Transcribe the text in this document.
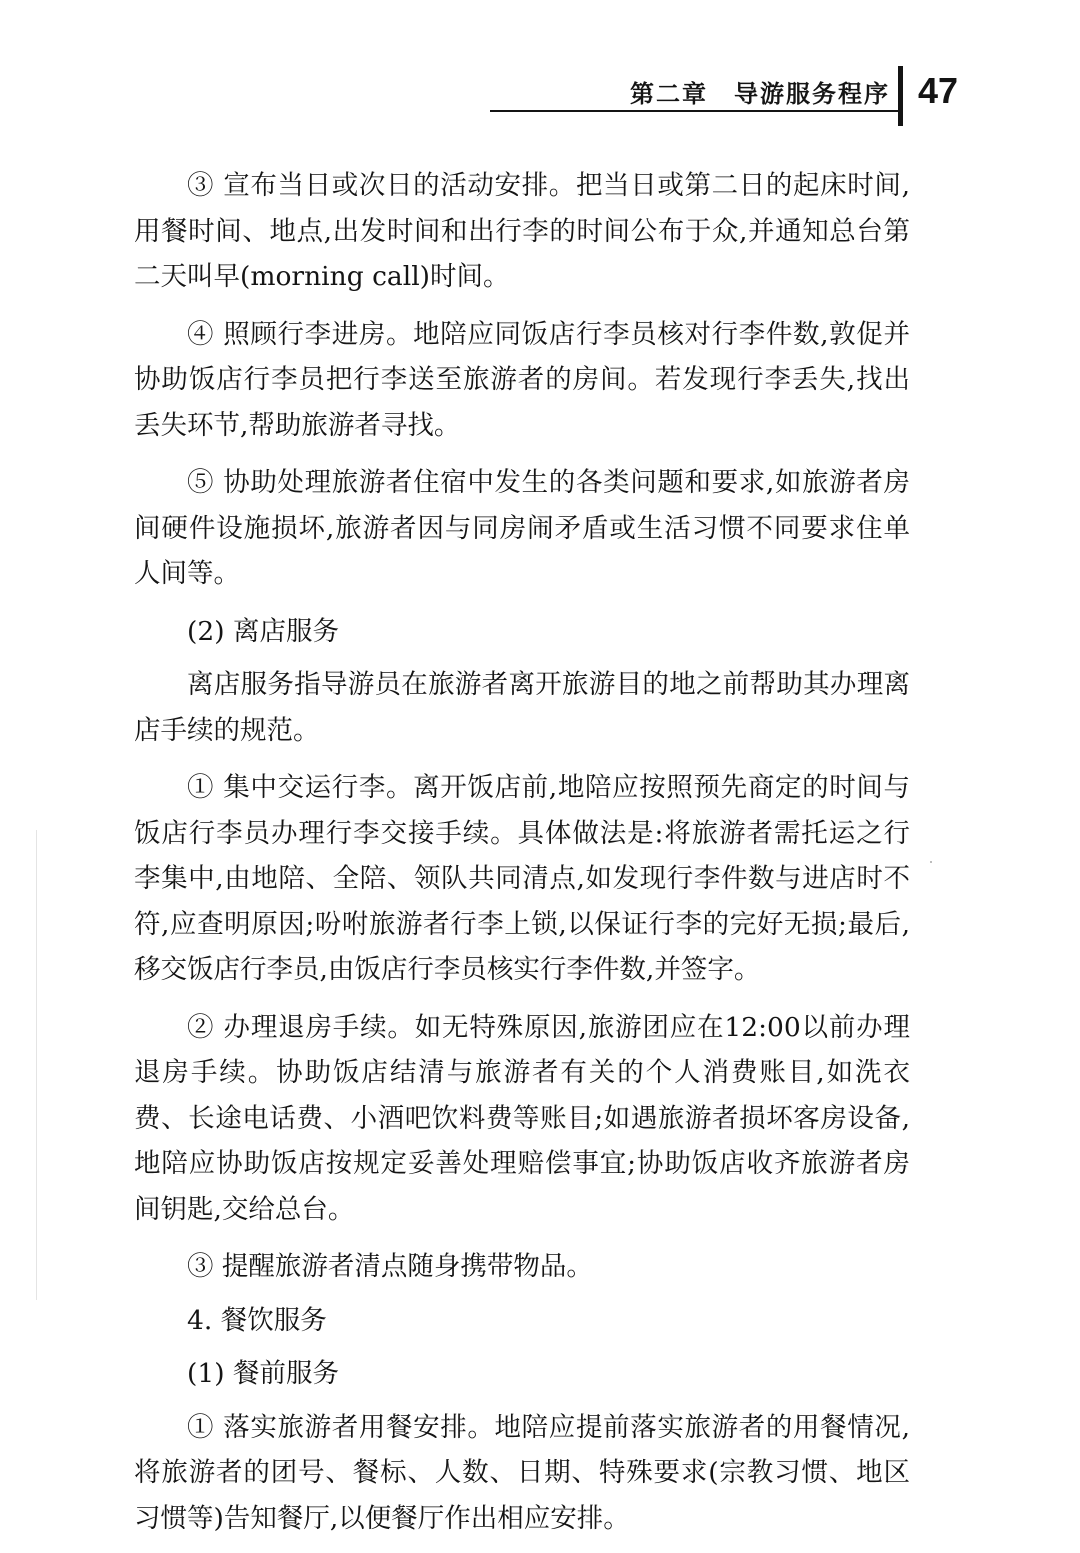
第二章　导游服务程序 47

③ 宣布当日或次日的活动安排。把当日或第二日的起床时间,用餐时间、地点,出发时间和出行李的时间公布于众,并通知总台第二天叫早(morning call)时间。

④ 照顾行李进房。地陪应同饭店行李员核对行李件数,敦促并协助饭店行李员把行李送至旅游者的房间。若发现行李丢失,找出丢失环节,帮助旅游者寻找。

⑤ 协助处理旅游者住宿中发生的各类问题和要求,如旅游者房间硬件设施损坏,旅游者因与同房闹矛盾或生活习惯不同要求住单人间等。

(2) 离店服务

离店服务指导游员在旅游者离开旅游目的地之前帮助其办理离店手续的规范。

① 集中交运行李。离开饭店前,地陪应按照预先商定的时间与饭店行李员办理行李交接手续。具体做法是:将旅游者需托运之行李集中,由地陪、全陪、领队共同清点,如发现行李件数与进店时不符,应查明原因;吩咐旅游者行李上锁,以保证行李的完好无损;最后,移交饭店行李员,由饭店行李员核实行李件数,并签字。

② 办理退房手续。如无特殊原因,旅游团应在12:00以前办理退房手续。协助饭店结清与旅游者有关的个人消费账目,如洗衣费、长途电话费、小酒吧饮料费等账目;如遇旅游者损坏客房设备,地陪应协助饭店按规定妥善处理赔偿事宜;协助饭店收齐旅游者房间钥匙,交给总台。

③ 提醒旅游者清点随身携带物品。

4. 餐饮服务

(1) 餐前服务

① 落实旅游者用餐安排。地陪应提前落实旅游者的用餐情况,将旅游者的团号、餐标、人数、日期、特殊要求(宗教习惯、地区习惯等)告知餐厅,以便餐厅作出相应安排。
